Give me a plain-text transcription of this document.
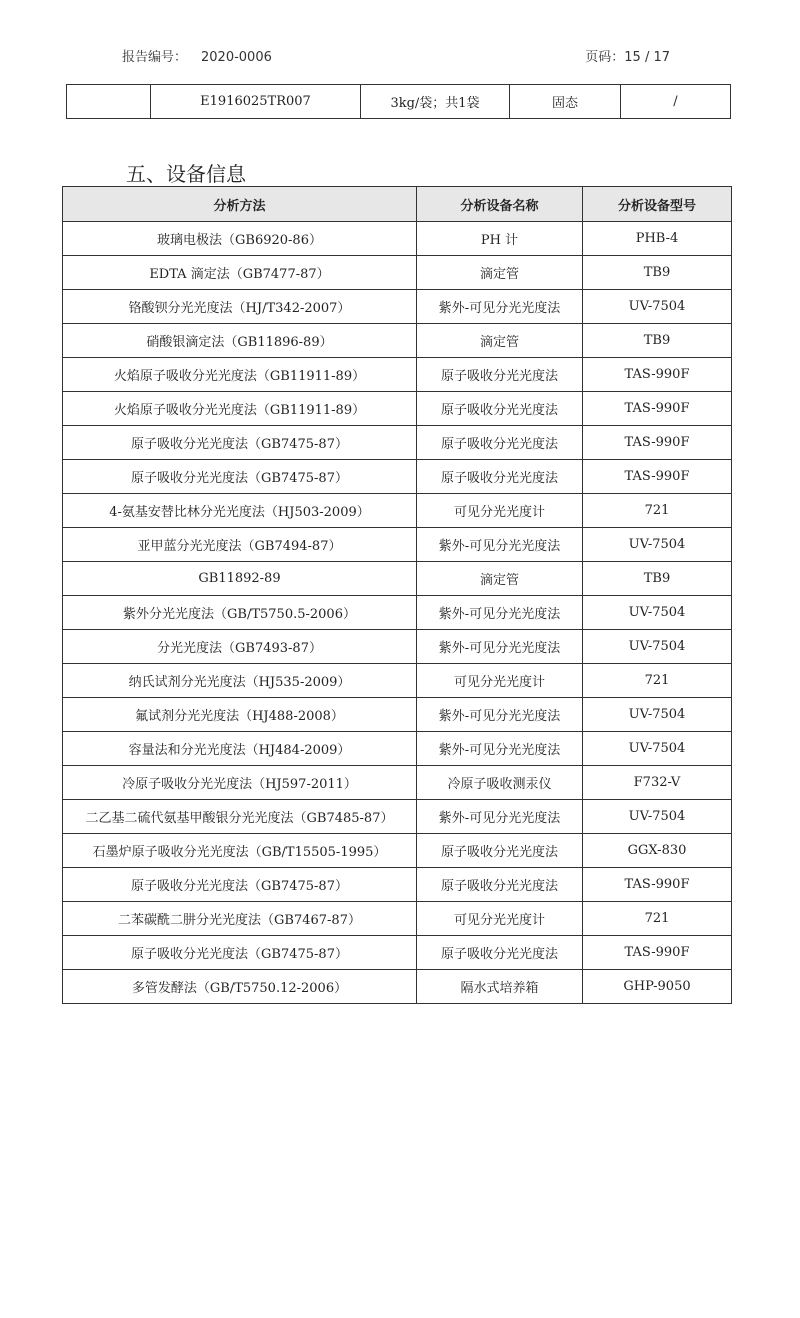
报告编号： 2020-0006	页码：15 / 17
	E1916025TR007	3kg/袋；共1袋	固态	/
五、设备信息
分析方法	分析设备名称	分析设备型号
玻璃电极法（GB6920-86）	PH 计	PHB-4
EDTA 滴定法（GB7477-87）	滴定管	TB9
铬酸钡分光光度法（HJ/T342-2007）	紫外-可见分光光度法	UV-7504
硝酸银滴定法（GB11896-89）	滴定管	TB9
火焰原子吸收分光光度法（GB11911-89）	原子吸收分光光度法	TAS-990F
火焰原子吸收分光光度法（GB11911-89）	原子吸收分光光度法	TAS-990F
原子吸收分光光度法（GB7475-87）	原子吸收分光光度法	TAS-990F
原子吸收分光光度法（GB7475-87）	原子吸收分光光度法	TAS-990F
4-氨基安替比林分光光度法（HJ503-2009）	可见分光光度计	721
亚甲蓝分光光度法（GB7494-87）	紫外-可见分光光度法	UV-7504
GB11892-89	滴定管	TB9
紫外分光光度法（GB/T5750.5-2006）	紫外-可见分光光度法	UV-7504
分光光度法（GB7493-87）	紫外-可见分光光度法	UV-7504
纳氏试剂分光光度法（HJ535-2009）	可见分光光度计	721
氟试剂分光光度法（HJ488-2008）	紫外-可见分光光度法	UV-7504
容量法和分光光度法（HJ484-2009）	紫外-可见分光光度法	UV-7504
冷原子吸收分光光度法（HJ597-2011）	冷原子吸收测汞仪	F732-V
二乙基二硫代氨基甲酸银分光光度法（GB7485-87）	紫外-可见分光光度法	UV-7504
石墨炉原子吸收分光光度法（GB/T15505-1995）	原子吸收分光光度法	GGX-830
原子吸收分光光度法（GB7475-87）	原子吸收分光光度法	TAS-990F
二苯碳酰二肼分光光度法（GB7467-87）	可见分光光度计	721
原子吸收分光光度法（GB7475-87）	原子吸收分光光度法	TAS-990F
多管发酵法（GB/T5750.12-2006）	隔水式培养箱	GHP-9050
